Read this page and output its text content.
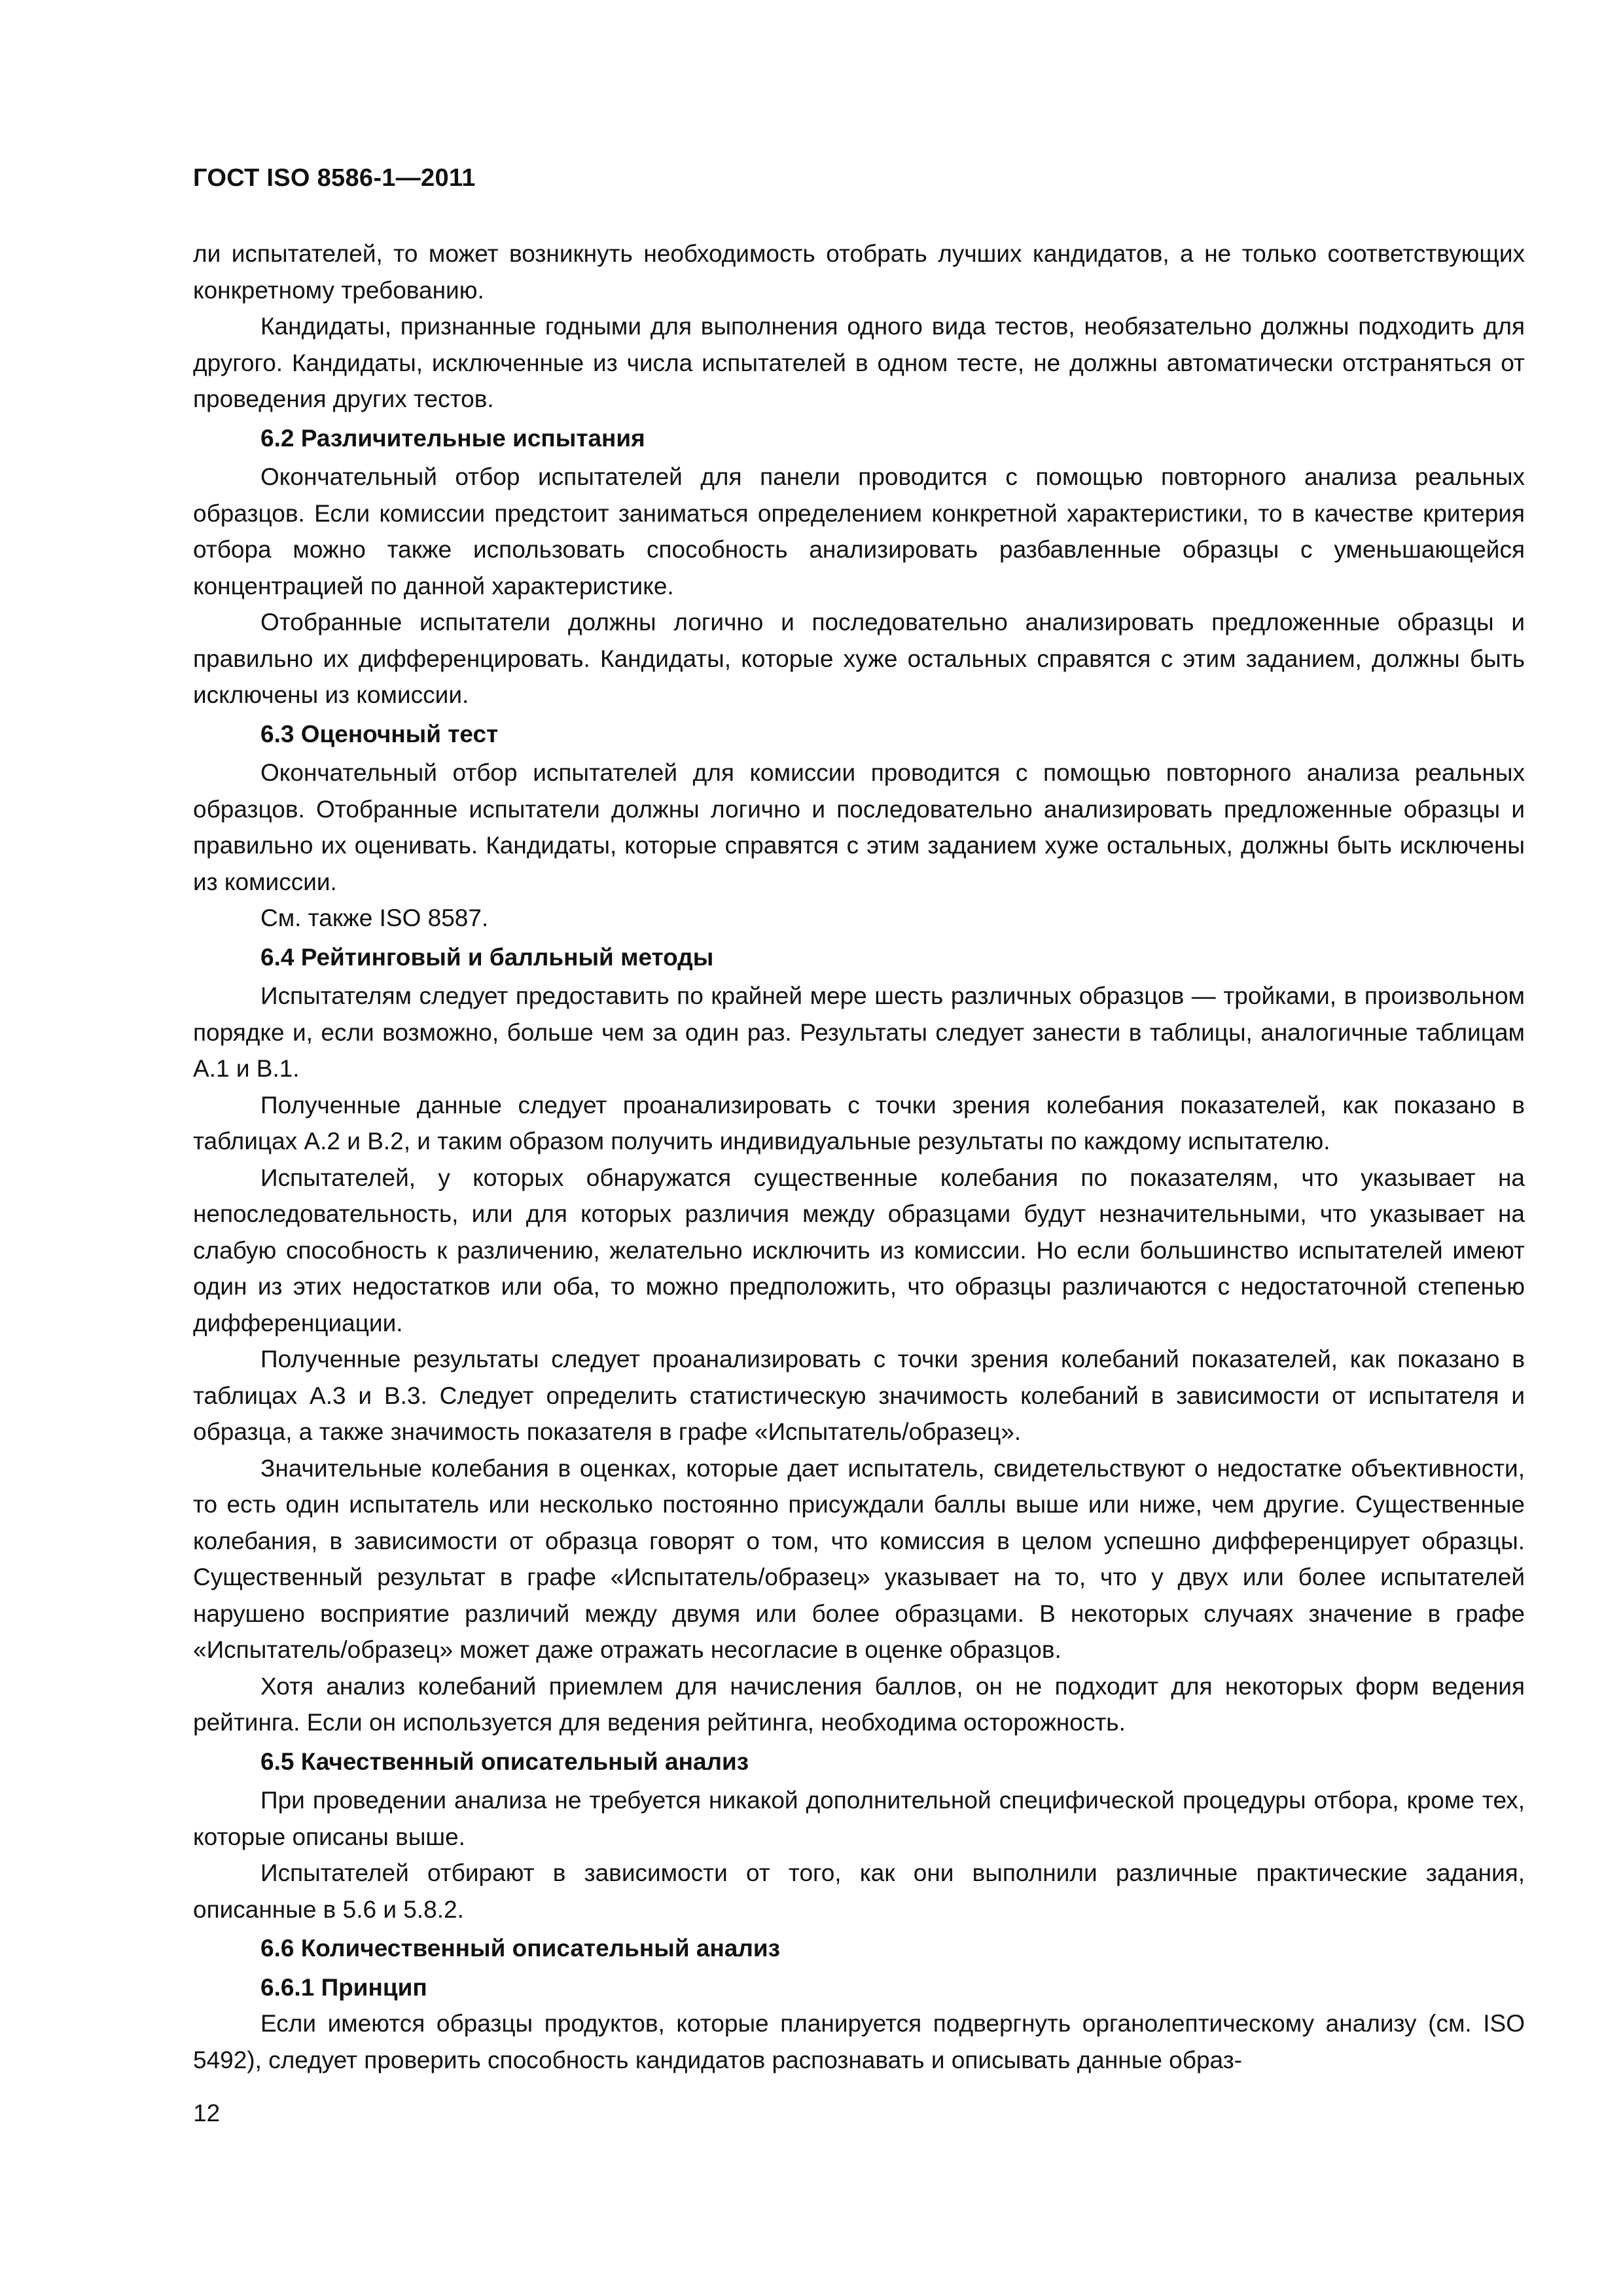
ГОСТ ISO 8586-1—2011

ли испытателей, то может возникнуть необходимость отобрать лучших кандидатов, а не только соответствующих конкретному требованию.

Кандидаты, признанные годными для выполнения одного вида тестов, необязательно должны подходить для другого. Кандидаты, исключенные из числа испытателей в одном тесте, не должны автоматически отстраняться от проведения других тестов.

6.2 Различительные испытания

Окончательный отбор испытателей для панели проводится с помощью повторного анализа реальных образцов. Если комиссии предстоит заниматься определением конкретной характеристики, то в качестве критерия отбора можно также использовать способность анализировать разбавленные образцы с уменьшающейся концентрацией по данной характеристике.

Отобранные испытатели должны логично и последовательно анализировать предложенные образцы и правильно их дифференцировать. Кандидаты, которые хуже остальных справятся с этим заданием, должны быть исключены из комиссии.

6.3 Оценочный тест

Окончательный отбор испытателей для комиссии проводится с помощью повторного анализа реальных образцов. Отобранные испытатели должны логично и последовательно анализировать предложенные образцы и правильно их оценивать. Кандидаты, которые справятся с этим заданием хуже остальных, должны быть исключены из комиссии.

См. также ISO 8587.

6.4 Рейтинговый и балльный методы

Испытателям следует предоставить по крайней мере шесть различных образцов — тройками, в произвольном порядке и, если возможно, больше чем за один раз. Результаты следует занести в таблицы, аналогичные таблицам А.1 и В.1.

Полученные данные следует проанализировать с точки зрения колебания показателей, как показано в таблицах А.2 и В.2, и таким образом получить индивидуальные результаты по каждому испытателю.

Испытателей, у которых обнаружатся существенные колебания по показателям, что указывает на непоследовательность, или для которых различия между образцами будут незначительными, что указывает на слабую способность к различению, желательно исключить из комиссии. Но если большинство испытателей имеют один из этих недостатков или оба, то можно предположить, что образцы различаются с недостаточной степенью дифференциации.

Полученные результаты следует проанализировать с точки зрения колебаний показателей, как показано в таблицах А.3 и В.3. Следует определить статистическую значимость колебаний в зависимости от испытателя и образца, а также значимость показателя в графе «Испытатель/образец».

Значительные колебания в оценках, которые дает испытатель, свидетельствуют о недостатке объективности, то есть один испытатель или несколько постоянно присуждали баллы выше или ниже, чем другие. Существенные колебания, в зависимости от образца говорят о том, что комиссия в целом успешно дифференцирует образцы. Существенный результат в графе «Испытатель/образец» указывает на то, что у двух или более испытателей нарушено восприятие различий между двумя или более образцами. В некоторых случаях значение в графе «Испытатель/образец» может даже отражать несогласие в оценке образцов.

Хотя анализ колебаний приемлем для начисления баллов, он не подходит для некоторых форм ведения рейтинга. Если он используется для ведения рейтинга, необходима осторожность.

6.5 Качественный описательный анализ

При проведении анализа не требуется никакой дополнительной специфической процедуры отбора, кроме тех, которые описаны выше.

Испытателей отбирают в зависимости от того, как они выполнили различные практические задания, описанные в 5.6 и 5.8.2.

6.6 Количественный описательный анализ
6.6.1 Принцип

Если имеются образцы продуктов, которые планируется подвергнуть органолептическому анализу (см. ISO 5492), следует проверить способность кандидатов распознавать и описывать данные образ-

12
